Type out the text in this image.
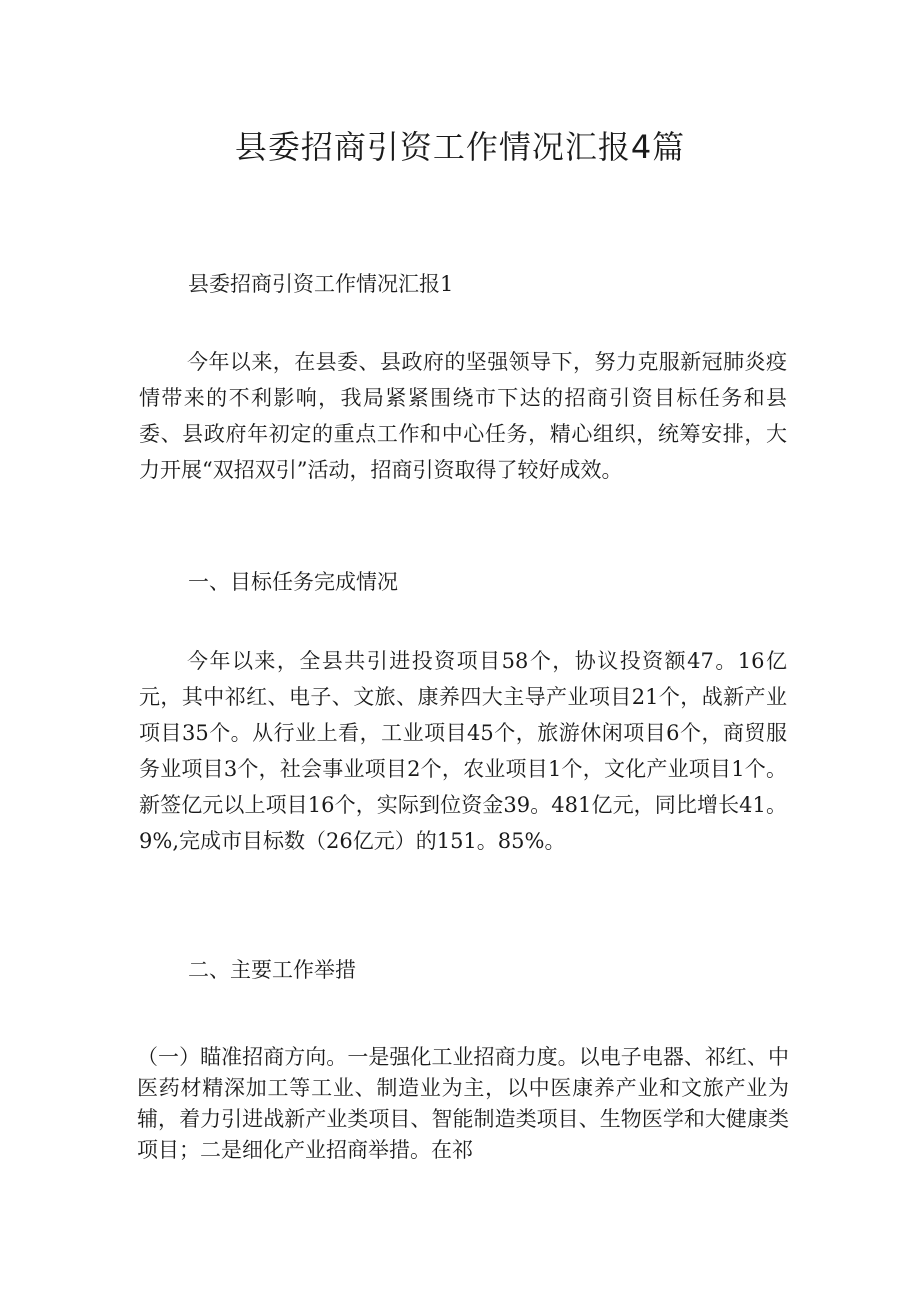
县委招商引资工作情况汇报4篇

县委招商引资工作情况汇报1

今年以来，在县委、县政府的坚强领导下，努力克服新冠肺炎疫情带来的不利影响，我局紧紧围绕市下达的招商引资目标任务和县委、县政府年初定的重点工作和中心任务，精心组织，统筹安排，大力开展“双招双引”活动，招商引资取得了较好成效。

一、目标任务完成情况

今年以来，全县共引进投资项目58个，协议投资额47。16亿元，其中祁红、电子、文旅、康养四大主导产业项目21个，战新产业项目35个。从行业上看，工业项目45个，旅游休闲项目6个，商贸服务业项目3个，社会事业项目2个，农业项目1个，文化产业项目1个。新签亿元以上项目16个，实际到位资金39。481亿元，同比增长41。9%,完成市目标数（26亿元）的151。85%。

二、主要工作举措

（一）瞄准招商方向。一是强化工业招商力度。以电子电器、祁红、中医药材精深加工等工业、制造业为主，以中医康养产业和文旅产业为辅，着力引进战新产业类项目、智能制造类项目、生物医学和大健康类项目；二是细化产业招商举措。在祁
